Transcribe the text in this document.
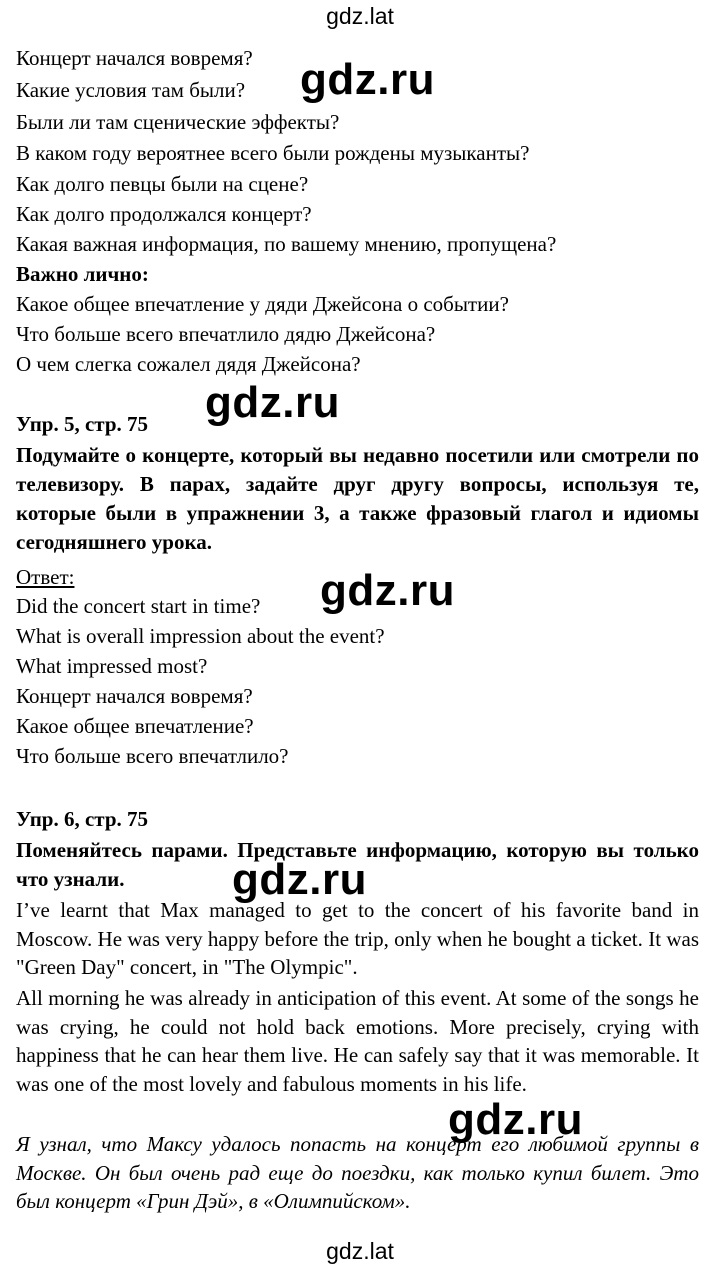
gdz.lat
Концерт начался вовремя?
Какие условия там были?
Были ли там сценические эффекты?
В каком году вероятнее всего были рождены музыканты?
Как долго певцы были на сцене?
Как долго продолжался концерт?
Какая важная информация, по вашему мнению, пропущена?
Важно лично:
Какое общее впечатление у дяди Джейсона о событии?
Что больше всего впечатлило дядю Джейсона?
О чем слегка сожалел дядя Джейсона?
Упр. 5, стр. 75
Подумайте о концерте, который вы недавно посетили или смотрели по телевизору. В парах, задайте друг другу вопросы, используя те, которые были в упражнении 3, а также фразовый глагол и идиомы сегодняшнего урока.
Ответ:
Did the concert start in time?
What is overall impression about the event?
What impressed most?
Концерт начался вовремя?
Какое общее впечатление?
Что больше всего впечатлило?
Упр. 6, стр. 75
Поменяйтесь парами. Представьте информацию, которую вы только что узнали.
I’ve learnt that Max managed to get to the concert of his favorite band in Moscow. He was very happy before the trip, only when he bought a ticket. It was "Green Day" concert, in "The Olympic".
All morning he was already in anticipation of this event. At some of the songs he was crying, he could not hold back emotions. More precisely, crying with happiness that he can hear them live. He can safely say that it was memorable. It was one of the most lovely and fabulous moments in his life.
Я узнал, что Максу удалось попасть на концерт его любимой группы в Москве. Он был очень рад еще до поездки, как только купил билет. Это был концерт «Грин Дэй», в «Олимпийском».
gdz.ru
gdz.ru
gdz.ru
gdz.ru
gdz.ru
gdz.lat
